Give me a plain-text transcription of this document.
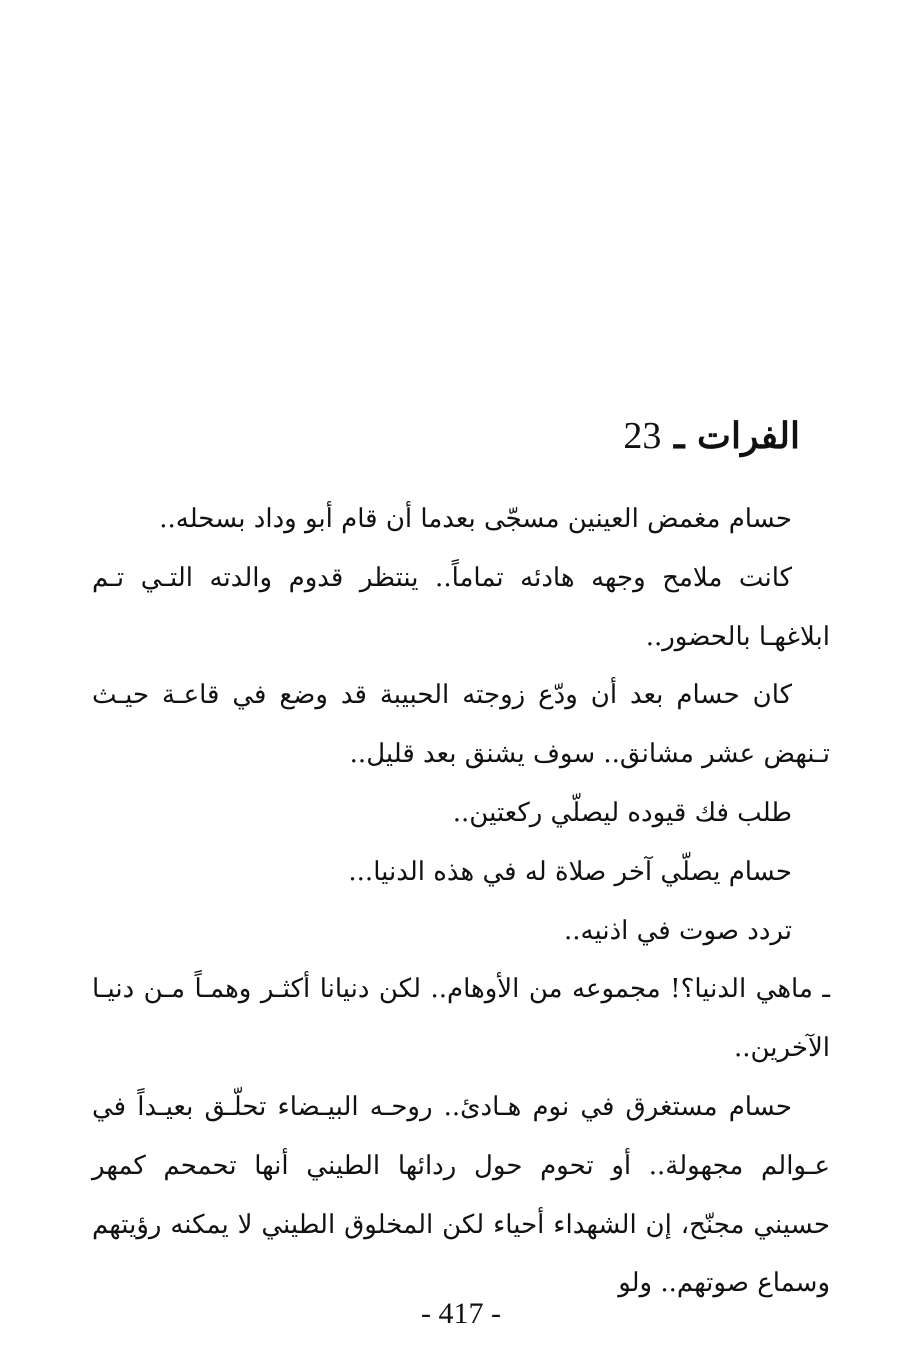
الفرات ـ 23

حسام مغمض العينين مسجّى بعدما أن قام أبو وداد بسحله..

كانت ملامح وجهه هادئه تماماً.. ينتظر قدوم والدته التـي تـم ابلاغهـا بالحضور..

كان حسام بعد أن ودّع زوجته الحبيبة قد وضع في قاعـة حيـث تـنهض عشر مشانق.. سوف يشنق بعد قليل..

طلب فك قيوده ليصلّي ركعتين..

حسام يصلّي آخر صلاة له في هذه الدنيا...

تردد صوت في اذنيه..

ـ ماهي الدنيا؟! مجموعه من الأوهام.. لكن دنيانا أكثـر وهمـاً مـن دنيـا الآخرين..

حسام مستغرق في نوم هـادئ.. روحـه البيـضاء تحلّـق بعيـداً في عـوالم مجهولة.. أو تحوم حول ردائها الطيني أنها تحمحم كمهر حسيني مجنّح، إن الشهداء أحياء لكن المخلوق الطيني لا يمكنه رؤيتهم وسماع صوتهم.. ولو

- 417 -
